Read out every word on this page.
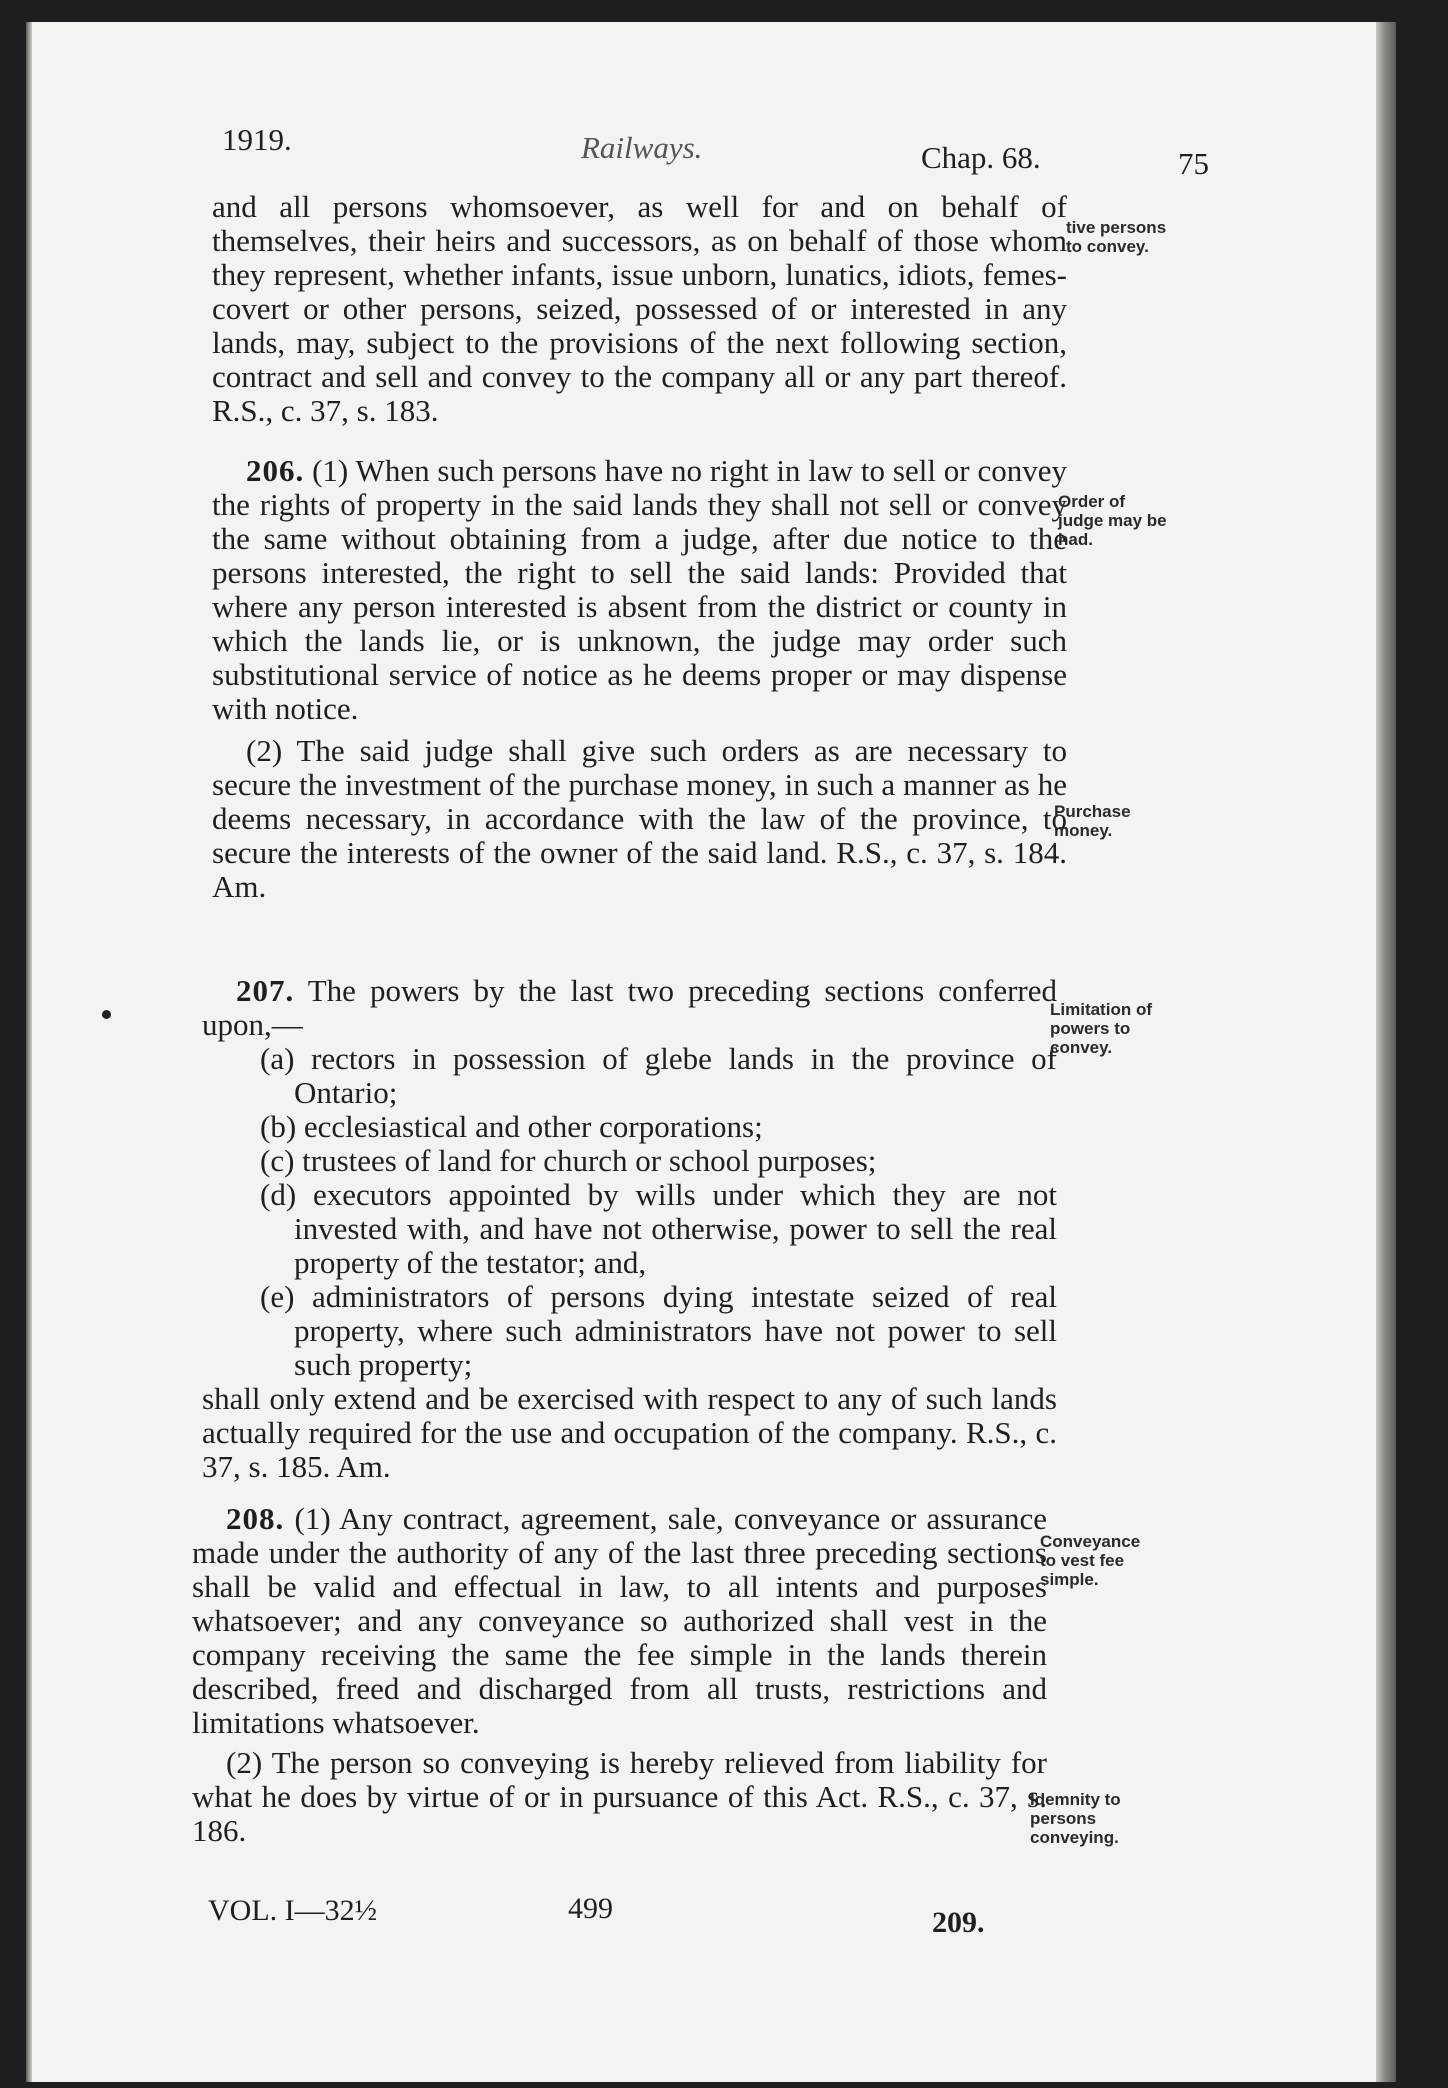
1919.	Railways.	Chap. 68.	75

and all persons whomsoever, as well for and on behalf of themselves, their heirs and successors, as on behalf of those whom they represent, whether infants, issue unborn, lunatics, idiots, femes-covert or other persons, seized, possessed of or interested in any lands, may, subject to the provisions of the next following section, contract and sell and convey to the company all or any part thereof. R.S., c. 37, s. 183.

tive persons to convey.

206. (1) When such persons have no right in law to sell or convey the rights of property in the said lands they shall not sell or convey the same without obtaining from a judge, after due notice to the persons interested, the right to sell the said lands: Provided that where any person interested is absent from the district or county in which the lands lie, or is unknown, the judge may order such substitutional service of notice as he deems proper or may dispense with notice.

(2) The said judge shall give such orders as are necessary to secure the investment of the purchase money, in such a manner as he deems necessary, in accordance with the law of the province, to secure the interests of the owner of the said land. R.S., c. 37, s. 184. Am.

Order of judge may be had.
Purchase money.

207. The powers by the last two preceding sections conferred upon,—

(a) rectors in possession of glebe lands in the province of Ontario;
(b) ecclesiastical and other corporations;
(c) trustees of land for church or school purposes;
(d) executors appointed by wills under which they are not invested with, and have not otherwise, power to sell the real property of the testator; and,
(e) administrators of persons dying intestate seized of real property, where such administrators have not power to sell such property;

shall only extend and be exercised with respect to any of such lands actually required for the use and occupation of the company. R.S., c. 37, s. 185. Am.

Limitation of powers to convey.

208. (1) Any contract, agreement, sale, conveyance or assurance made under the authority of any of the last three preceding sections shall be valid and effectual in law, to all intents and purposes whatsoever; and any conveyance so authorized shall vest in the company receiving the same the fee simple in the lands therein described, freed and discharged from all trusts, restrictions and limitations whatsoever.

(2) The person so conveying is hereby relieved from liability for what he does by virtue of or in pursuance of this Act. R.S., c. 37, s. 186.

Conveyance to vest fee simple.
Idemnity to persons conveying.
VOL. I—32½	499	209.
